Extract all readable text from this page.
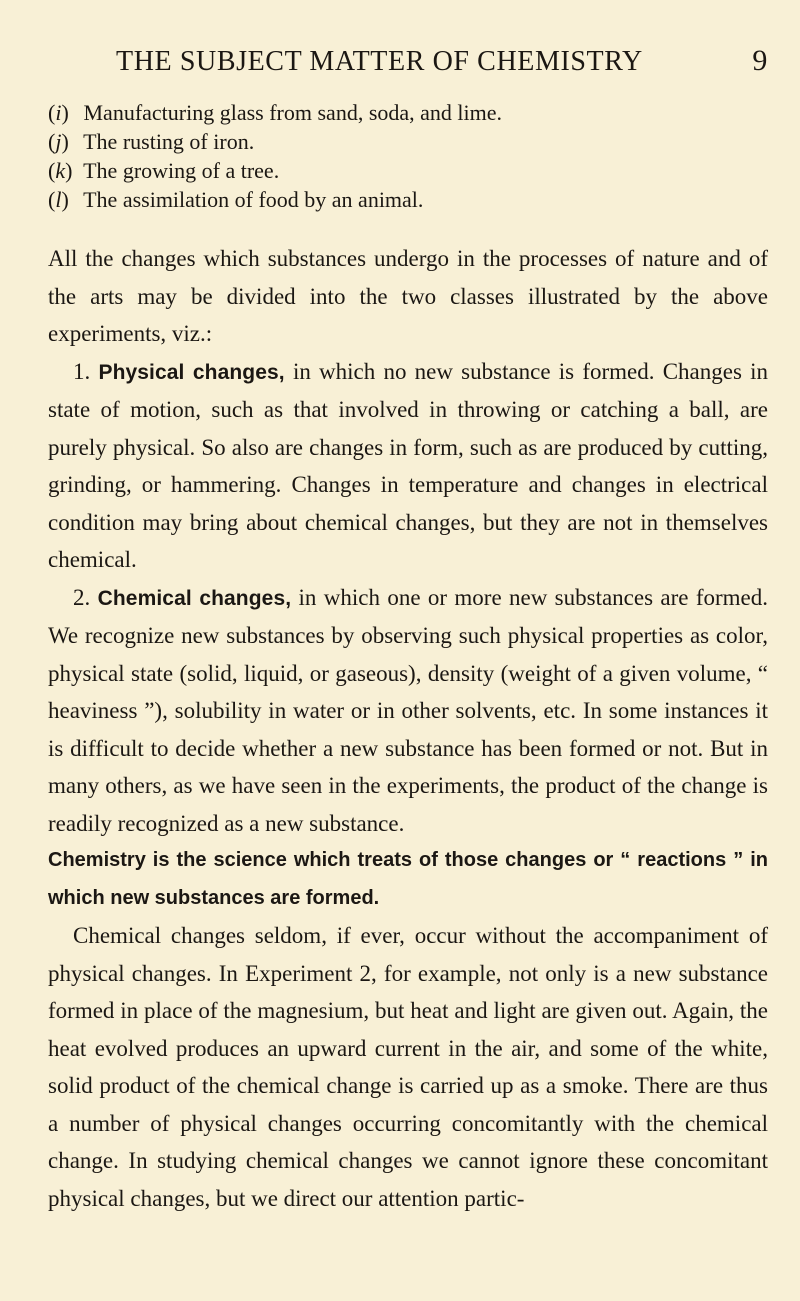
THE SUBJECT MATTER OF CHEMISTRY	9
(i) Manufacturing glass from sand, soda, and lime.
(j) The rusting of iron.
(k) The growing of a tree.
(l) The assimilation of food by an animal.

All the changes which substances undergo in the processes of nature and of the arts may be divided into the two classes illustrated by the above experiments, viz.:

1. Physical changes, in which no new substance is formed. Changes in state of motion, such as that involved in throwing or catching a ball, are purely physical. So also are changes in form, such as are produced by cutting, grinding, or hammering. Changes in temperature and changes in electrical condition may bring about chemical changes, but they are not in themselves chemical.

2. Chemical changes, in which one or more new substances are formed. We recognize new substances by observing such physical properties as color, physical state (solid, liquid, or gaseous), density (weight of a given volume, “ heaviness ”), solubility in water or in other solvents, etc. In some instances it is difficult to decide whether a new substance has been formed or not. But in many others, as we have seen in the experiments, the product of the change is readily recognized as a new substance.

Chemistry is the science which treats of those changes or “ reactions ” in which new substances are formed.

Chemical changes seldom, if ever, occur without the accompaniment of physical changes. In Experiment 2, for example, not only is a new substance formed in place of the magnesium, but heat and light are given out. Again, the heat evolved produces an upward current in the air, and some of the white, solid product of the chemical change is carried up as a smoke. There are thus a number of physical changes occurring concomitantly with the chemical change. In studying chemical changes we cannot ignore these concomitant physical changes, but we direct our attention partic-
